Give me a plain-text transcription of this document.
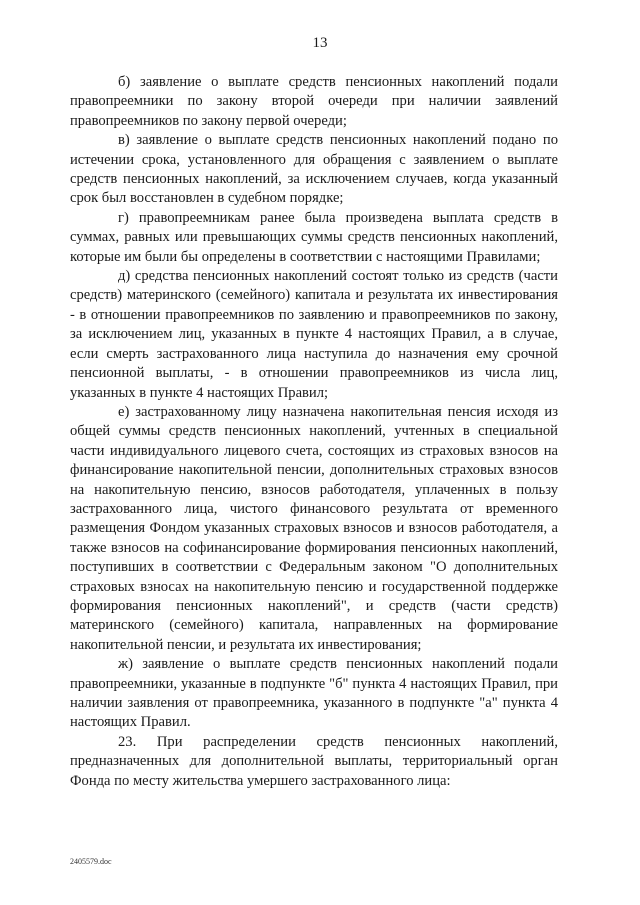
13

б) заявление о выплате средств пенсионных накоплений подали правопреемники по закону второй очереди при наличии заявлений правопреемников по закону первой очереди;

в) заявление о выплате средств пенсионных накоплений подано по истечении срока, установленного для обращения с заявлением о выплате средств пенсионных накоплений, за исключением случаев, когда указанный срок был восстановлен в судебном порядке;

г) правопреемникам ранее была произведена выплата средств в суммах, равных или превышающих суммы средств пенсионных накоплений, которые им были бы определены в соответствии с настоящими Правилами;

д) средства пенсионных накоплений состоят только из средств (части средств) материнского (семейного) капитала и результата их инвестирования - в отношении правопреемников по заявлению и правопреемников по закону, за исключением лиц, указанных в пункте 4 настоящих Правил, а в случае, если смерть застрахованного лица наступила до назначения ему срочной пенсионной выплаты, - в отношении правопреемников из числа лиц, указанных в пункте 4 настоящих Правил;

е) застрахованному лицу назначена накопительная пенсия исходя из общей суммы средств пенсионных накоплений, учтенных в специальной части индивидуального лицевого счета, состоящих из страховых взносов на финансирование накопительной пенсии, дополнительных страховых взносов на накопительную пенсию, взносов работодателя, уплаченных в пользу застрахованного лица, чистого финансового результата от временного размещения Фондом указанных страховых взносов и взносов работодателя, а также взносов на софинансирование формирования пенсионных накоплений, поступивших в соответствии с Федеральным законом "О дополнительных страховых взносах на накопительную пенсию и государственной поддержке формирования пенсионных накоплений", и средств (части средств) материнского (семейного) капитала, направленных на формирование накопительной пенсии, и результата их инвестирования;

ж) заявление о выплате средств пенсионных накоплений подали правопреемники, указанные в подпункте "б" пункта 4 настоящих Правил, при наличии заявления от правопреемника, указанного в подпункте "а" пункта 4 настоящих Правил.

23. При распределении средств пенсионных накоплений, предназначенных для дополнительной выплаты, территориальный орган Фонда по месту жительства умершего застрахованного лица:

2405579.doc
